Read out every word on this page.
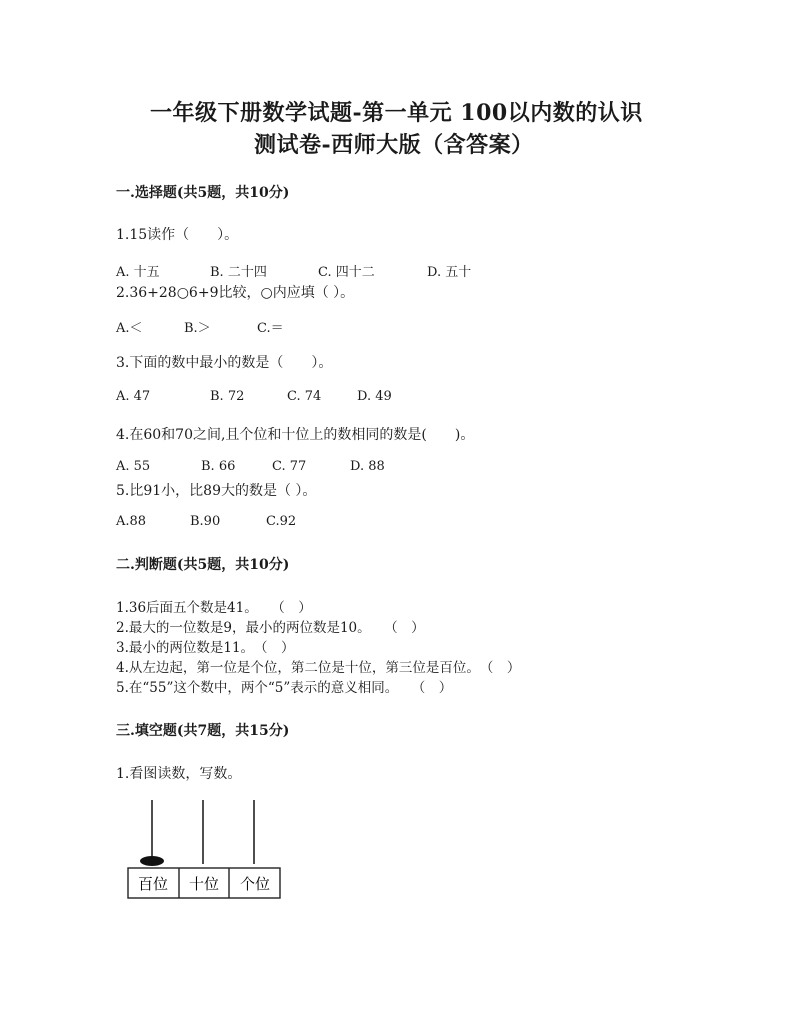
一年级下册数学试题-第一单元 100以内数的认识
测试卷-西师大版（含答案）
一.选择题(共5题，共10分)
1.15读作（　　）。
A. 十五	B. 二十四	C. 四十二	D. 五十
2.36+28○6+9比较，○内应填（ ）。
A.＜	B.＞	C.＝
3.下面的数中最小的数是（　　）。
A. 47	B. 72	C. 74	D. 49
4.在60和70之间,且个位和十位上的数相同的数是(　　)。
A. 55	B. 66	C. 77	D. 88
5.比91小，比89大的数是（ ）。
A.88	B.90	C.92
二.判断题(共5题，共10分)
1.36后面五个数是41。　　（　）
2.最大的一位数是9，最小的两位数是10。　　（　）
3.最小的两位数是11。　（　）
4.从左边起，第一位是个位，第二位是十位，第三位是百位。　（　）
5.在“55”这个数中，两个“5”表示的意义相同。　　（　）
三.填空题(共7题，共15分)
1.看图读数，写数。
百位 十位 个位
